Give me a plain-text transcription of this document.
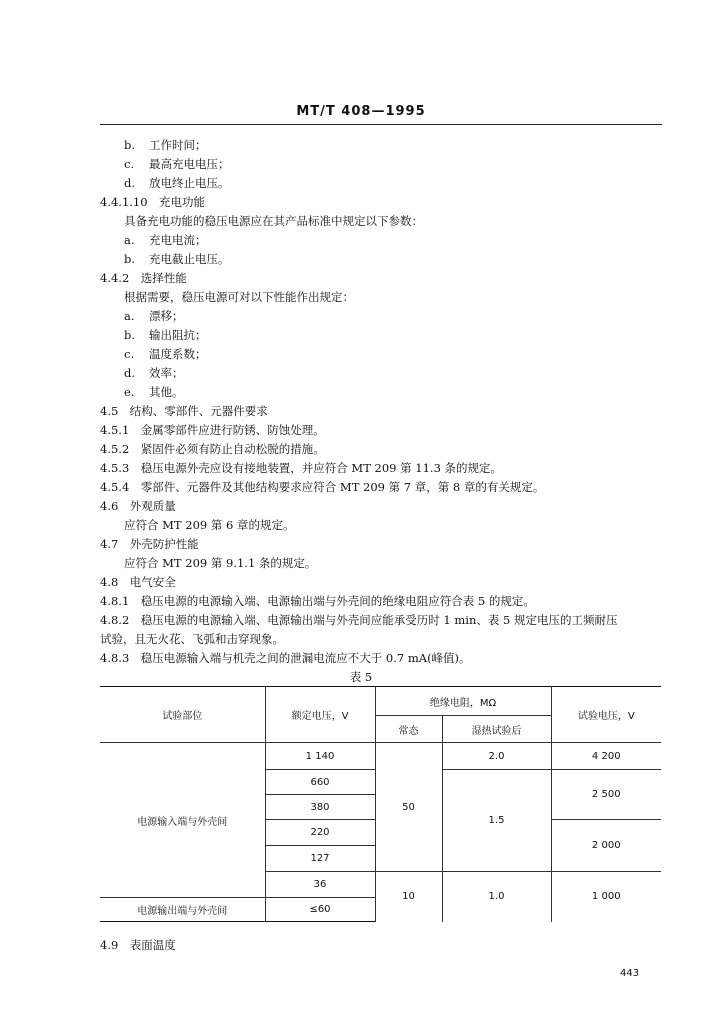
MT/T 408—1995
b. 工作时间；
c. 最高充电电压；
d. 放电终止电压。
4.4.1.10　充电功能
具备充电功能的稳压电源应在其产品标准中规定以下参数：
a. 充电电流；
b. 充电截止电压。
4.4.2　选择性能
根据需要，稳压电源可对以下性能作出规定：
a. 漂移；
b. 输出阻抗；
c. 温度系数；
d. 效率；
e. 其他。
4.5　结构、零部件、元器件要求
4.5.1　金属零部件应进行防锈、防蚀处理。
4.5.2　紧固件必须有防止自动松脱的措施。
4.5.3　稳压电源外壳应设有接地装置，并应符合 MT 209 第 11.3 条的规定。
4.5.4　零部件、元器件及其他结构要求应符合 MT 209 第 7 章，第 8 章的有关规定。
4.6　外观质量
应符合 MT 209 第 6 章的规定。
4.7　外壳防护性能
应符合 MT 209 第 9.1.1 条的规定。
4.8　电气安全
4.8.1　稳压电源的电源输入端、电源输出端与外壳间的绝缘电阻应符合表 5 的规定。
4.8.2　稳压电源的电源输入端、电源输出端与外壳间应能承受历时 1 min、表 5 规定电压的工频耐压
试验，且无火花、飞弧和击穿现象。
4.8.3　稳压电源输入端与机壳之间的泄漏电流应不大于 0.7 mA(峰值)。
表 5
试验部位	额定电压，V	绝缘电阻，MΩ		试验电压，V
		常态	湿热试验后	
电源输入端与外壳间	1 140	50	2.0	4 200
	660		1.5	2 500
	380			
	220			2 000
	127			
	36	10	1.0	1 000
电源输出端与外壳间	≤60			
4.9　表面温度
443
